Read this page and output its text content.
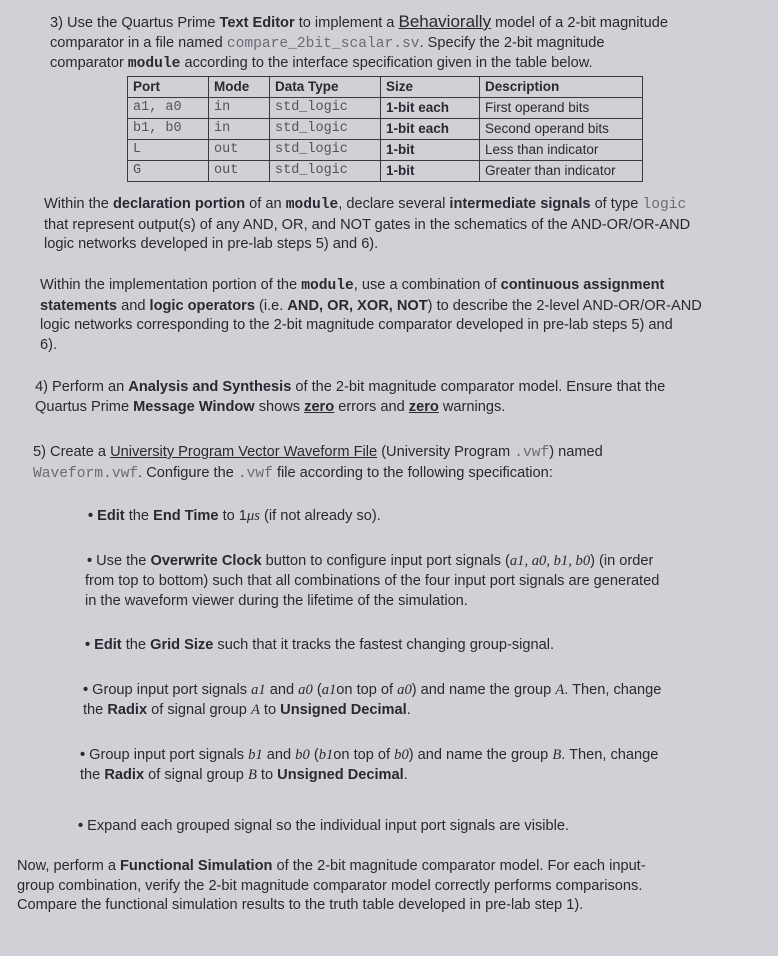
3) Use the Quartus Prime Text Editor to implement a Behaviorally model of a 2-bit magnitude
comparator in a file named compare_2bit_scalar.sv. Specify the 2-bit magnitude
comparator module according to the interface specification given in the table below.

Port	Mode	Data Type	Size	Description
a1, a0	in	std_logic	1-bit each	First operand bits
b1, b0	in	std_logic	1-bit each	Second operand bits
L	out	std_logic	1-bit	Less than indicator
G	out	std_logic	1-bit	Greater than indicator

Within the declaration portion of an module, declare several intermediate signals of type logic
that represent output(s) of any AND, OR, and NOT gates in the schematics of the AND-OR/OR-AND
logic networks developed in pre-lab steps 5) and 6).

Within the implementation portion of the module, use a combination of continuous assignment
statements and logic operators (i.e. AND, OR, XOR, NOT) to describe the 2-level AND-OR/OR-AND
logic networks corresponding to the 2-bit magnitude comparator developed in pre-lab steps 5) and
6).

4) Perform an Analysis and Synthesis of the 2-bit magnitude comparator model. Ensure that the
Quartus Prime Message Window shows zero errors and zero warnings.

5) Create a University Program Vector Waveform File (University Program .vwf) named
Waveform.vwf. Configure the .vwf file according to the following specification:

• Edit the End Time to 1μs (if not already so).

• Use the Overwrite Clock button to configure input port signals (a1, a0, b1, b0) (in order

from top to bottom) such that all combinations of the four input port signals are generated
in the waveform viewer during the lifetime of the simulation.

• Edit the Grid Size such that it tracks the fastest changing group-signal.

• Group input port signals a1 and a0 (a1on top of a0) and name the group A. Then, change
the Radix of signal group A to Unsigned Decimal.

• Group input port signals b1 and b0 (b1on top of b0) and name the group B. Then, change
the Radix of signal group B to Unsigned Decimal.

• Expand each grouped signal so the individual input port signals are visible.

Now, perform a Functional Simulation of the 2-bit magnitude comparator model. For each input-
group combination, verify the 2-bit magnitude comparator model correctly performs comparisons.
Compare the functional simulation results to the truth table developed in pre-lab step 1).
